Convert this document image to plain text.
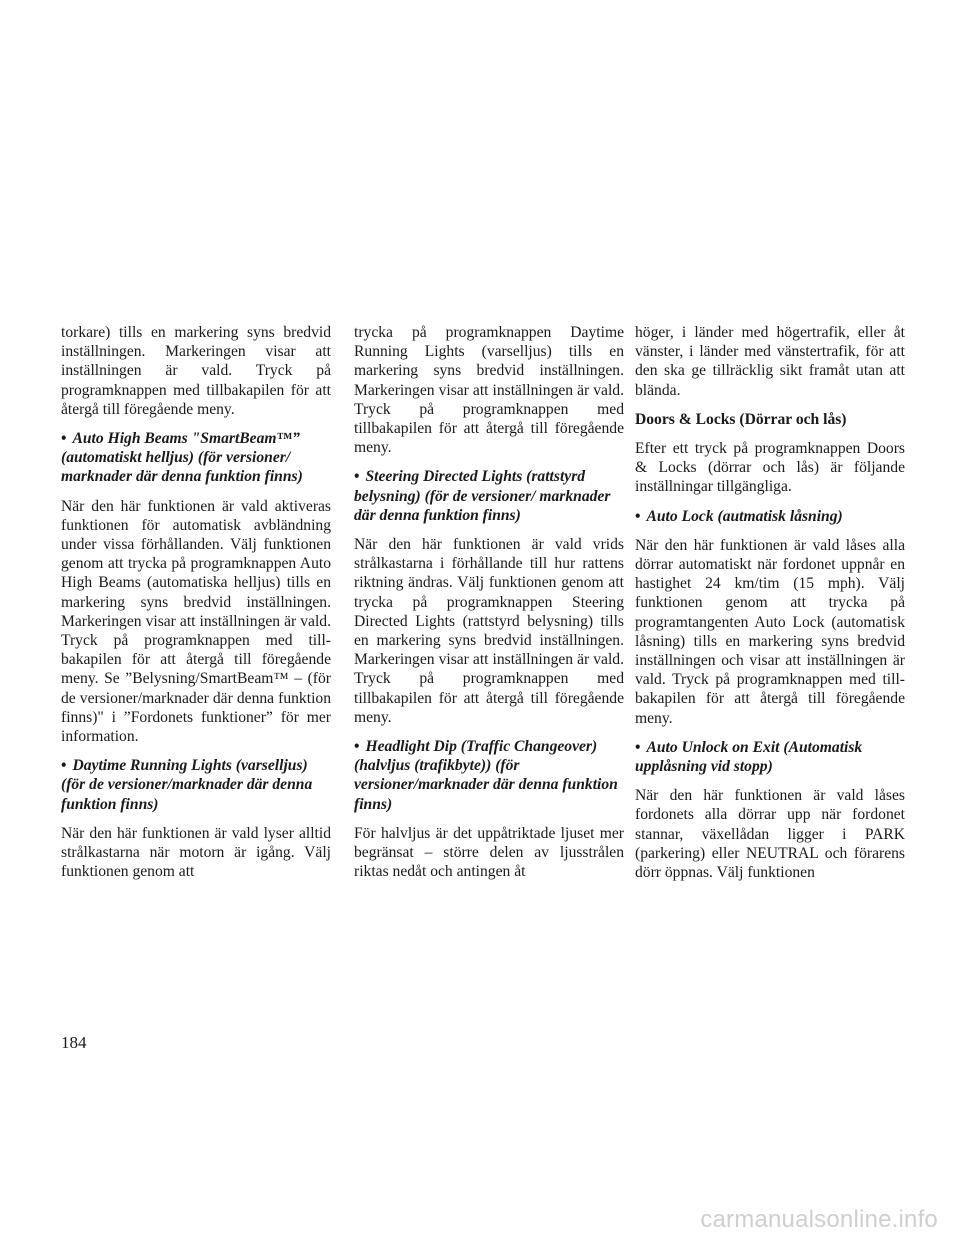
torkare) tills en markering syns bredvid inställningen. Markeringen visar att inställningen är vald. Tryck på programknappen med tillbakapilen för att återgå till föregående meny.

• Auto High Beams "SmartBeam™” (automatiskt helljus) (för versioner/ marknader där denna funktion finns)

När den här funktionen är vald aktiveras funktionen för automatisk avbländning under vissa förhållanden. Välj funktionen genom att trycka på programknappen Auto High Beams (automatiska helljus) tills en markering syns bredvid inställningen. Markeringen visar att inställningen är vald. Tryck på programknappen med tillbakapilen för att återgå till föregående meny. Se ”Belysning/SmartBeam™ – (för de versioner/marknader där denna funktion finns)" i ”Fordonets funktioner” för mer information.

• Daytime Running Lights (varselljus) (för de versioner/marknader där denna funktion finns)

När den här funktionen är vald lyser alltid strålkastarna när motorn är igång. Välj funktionen genom att

trycka på programknappen Daytime Running Lights (varselljus) tills en markering syns bredvid inställningen. Markeringen visar att inställningen är vald. Tryck på programknappen med tillbakapilen för att återgå till föregående meny.

• Steering Directed Lights (rattstyrd belysning) (för de versioner/ marknader där denna funktion finns)

När den här funktionen är vald vrids strålkastarna i förhållande till hur rattens riktning ändras. Välj funktionen genom att trycka på programknappen Steering Directed Lights (rattstyrd belysning) tills en markering syns bredvid inställningen. Markeringen visar att inställningen är vald. Tryck på programknappen med tillbakapilen för att återgå till föregående meny.

• Headlight Dip (Traffic Changeover) (halvljus (trafikbyte)) (för versioner/marknader där denna funktion finns)

För halvljus är det uppåtriktade ljuset mer begränsat – större delen av ljusstrålen riktas nedåt och antingen åt

höger, i länder med högertrafik, eller åt vänster, i länder med vänstertrafik, för att den ska ge tillräcklig sikt framåt utan att blända.

Doors & Locks (Dörrar och lås)

Efter ett tryck på programknappen Doors & Locks (dörrar och lås) är följande inställningar tillgängliga.

• Auto Lock (autmatisk låsning)

När den här funktionen är vald låses alla dörrar automatiskt när fordonet uppnår en hastighet 24 km/tim (15 mph). Välj funktionen genom att trycka på programtangenten Auto Lock (automatisk låsning) tills en markering syns bredvid inställningen och visar att inställningen är vald. Tryck på programknappen med tillbakapilen för att återgå till föregående meny.

• Auto Unlock on Exit (Automatisk upplåsning vid stopp)

När den här funktionen är vald låses fordonets alla dörrar upp när fordonet stannar, växellådan ligger i PARK (parkering) eller NEUTRAL och förarens dörr öppnas. Välj funktionen

184
carmanualsonline.info
